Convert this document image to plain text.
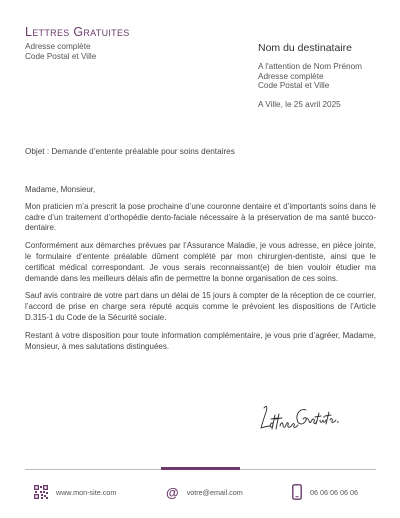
Lettres Gratuites
Adresse complète
Code Postal et Ville
Nom du destinataire
A l'attention de Nom Prénom
Adresse complète
Code Postal et Ville
A Ville, le 25 avril 2025
Objet : Demande d’entente préalable pour soins dentaires

Madame, Monsieur,

Mon praticien m’a prescrit la pose prochaine d’une couronne dentaire et d’importants soins dans le cadre d’un traitement d’orthopédie dento-faciale nécessaire à la préservation de ma santé bucco-dentaire.

Conformément aux démarches prévues par l’Assurance Maladie, je vous adresse, en pièce jointe, le formulaire d’entente préalable dûment complété par mon chirurgien-dentiste, ainsi que le certificat médical correspondant. Je vous serais reconnaissant(e) de bien vouloir étudier ma demande dans les meilleurs délais afin de permettre la bonne organisation de ces soins.

Sauf avis contraire de votre part dans un délai de 15 jours à compter de la réception de ce courrier, l’accord de prise en charge sera réputé acquis comme le prévoient les dispositions de l’Article D.315-1 du Code de la Sécurité sociale.

Restant à votre disposition pour toute information complémentaire, je vous prie d’agréer, Madame, Monsieur, à mes salutations distinguées.

www.mon-site.com	@ votre@email.com	06 06 06 06 06
